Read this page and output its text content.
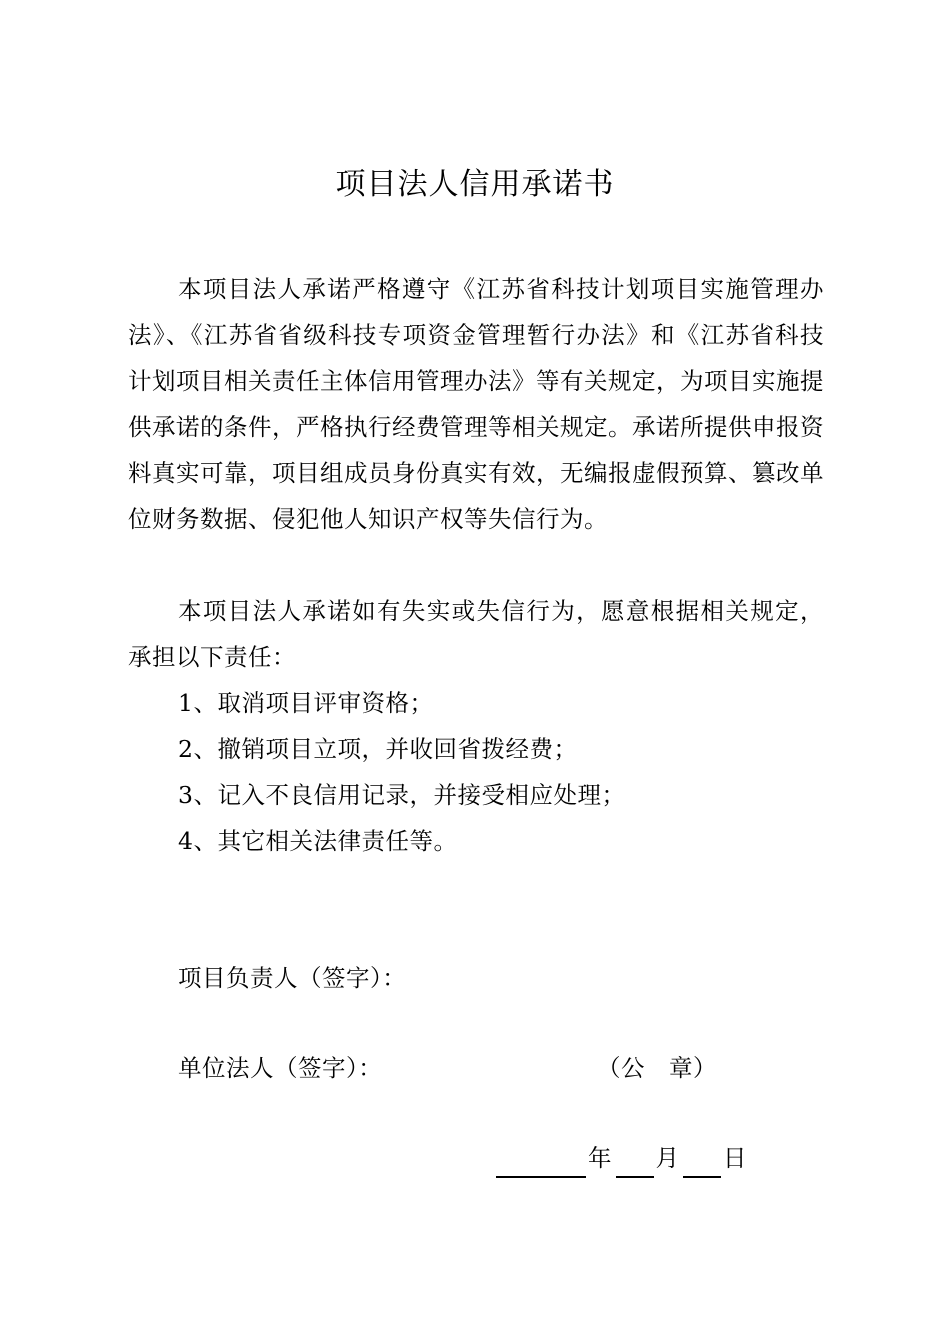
项目法人信用承诺书
本项目法人承诺严格遵守《江苏省科技计划项目实施管理办法》、《江苏省省级科技专项资金管理暂行办法》和《江苏省科技计划项目相关责任主体信用管理办法》等有关规定，为项目实施提供承诺的条件，严格执行经费管理等相关规定。承诺所提供申报资料真实可靠，项目组成员身份真实有效，无编报虚假预算、篡改单位财务数据、侵犯他人知识产权等失信行为。
本项目法人承诺如有失实或失信行为，愿意根据相关规定，承担以下责任：
1、取消项目评审资格；
2、撤销项目立项，并收回省拨经费；
3、记入不良信用记录，并接受相应处理；
4、其它相关法律责任等。
项目负责人（签字）：
单位法人（签字）：	（公　章）
年 月 日
